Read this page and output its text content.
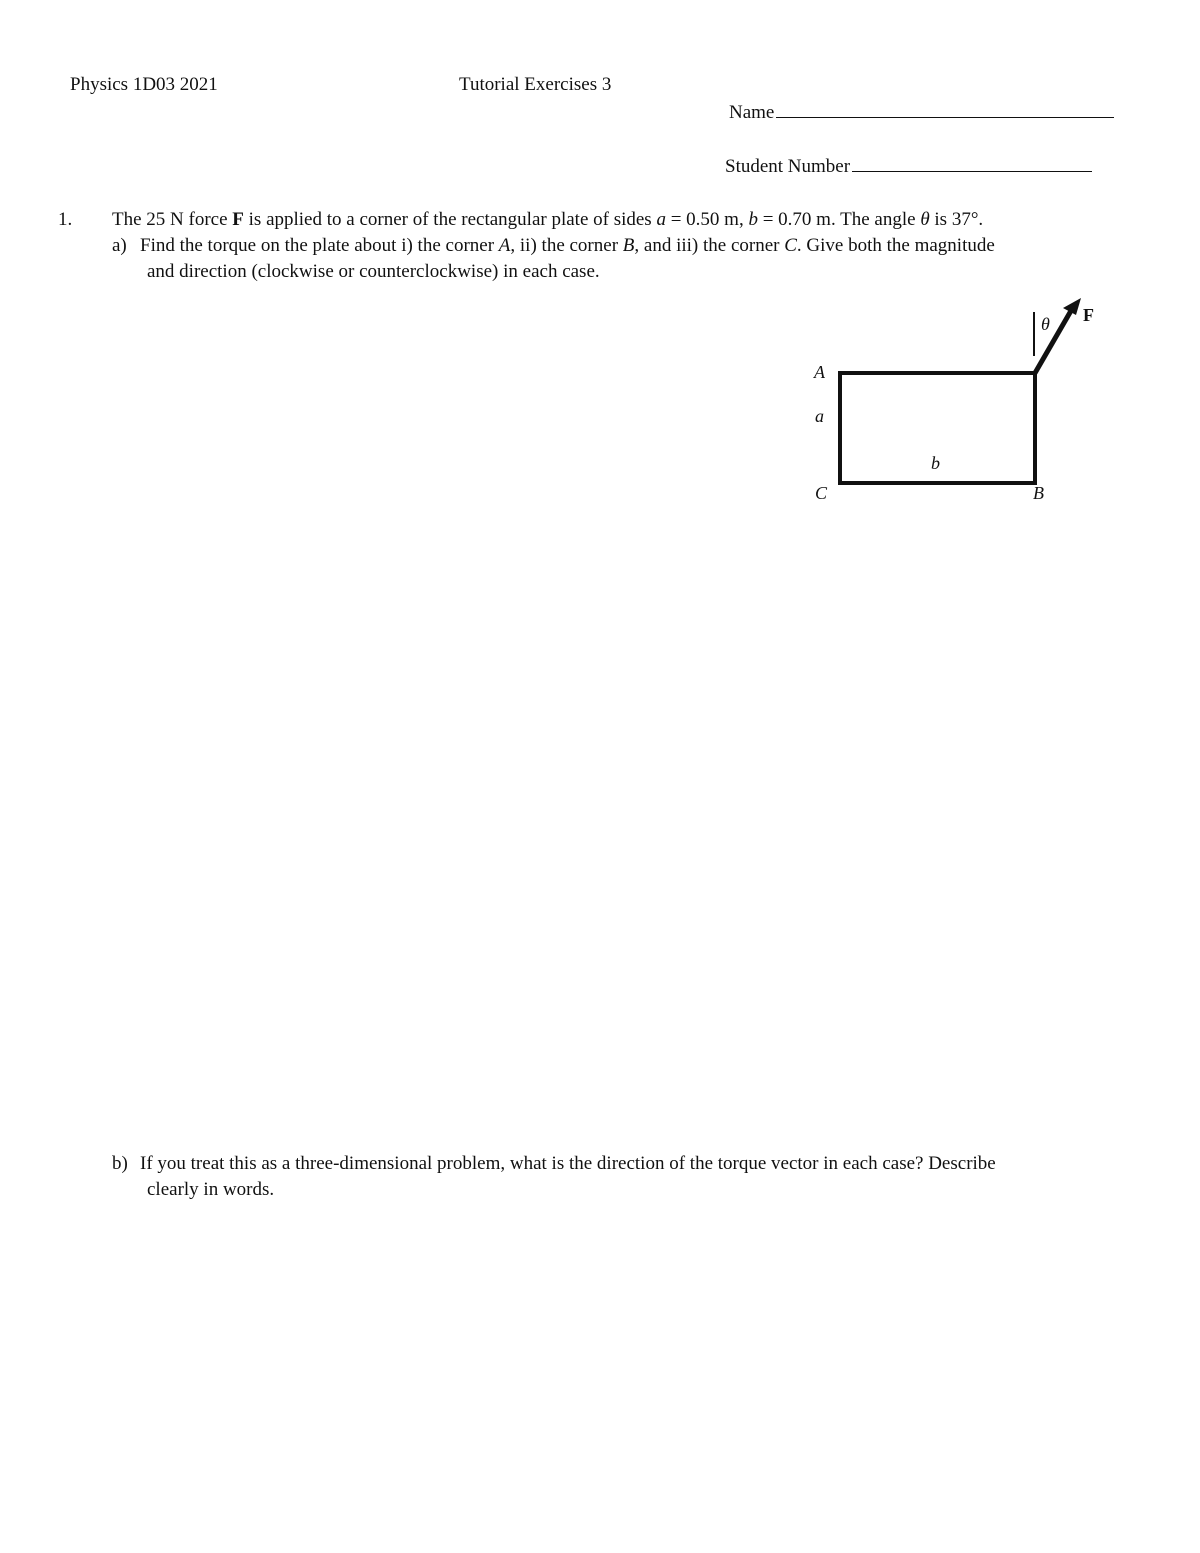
Physics 1D03 2021	Tutorial Exercises 3
Name
Student Number
1. The 25 N force F is applied to a corner of the rectangular plate of sides a = 0.50 m, b = 0.70 m. The angle θ is 37°.
a) Find the torque on the plate about i) the corner A, ii) the corner B, and iii) the corner C. Give both the magnitude
and direction (clockwise or counterclockwise) in each case.
A
a
b
C	B
θ F
b) If you treat this as a three-dimensional problem, what is the direction of the torque vector in each case? Describe
clearly in words.
